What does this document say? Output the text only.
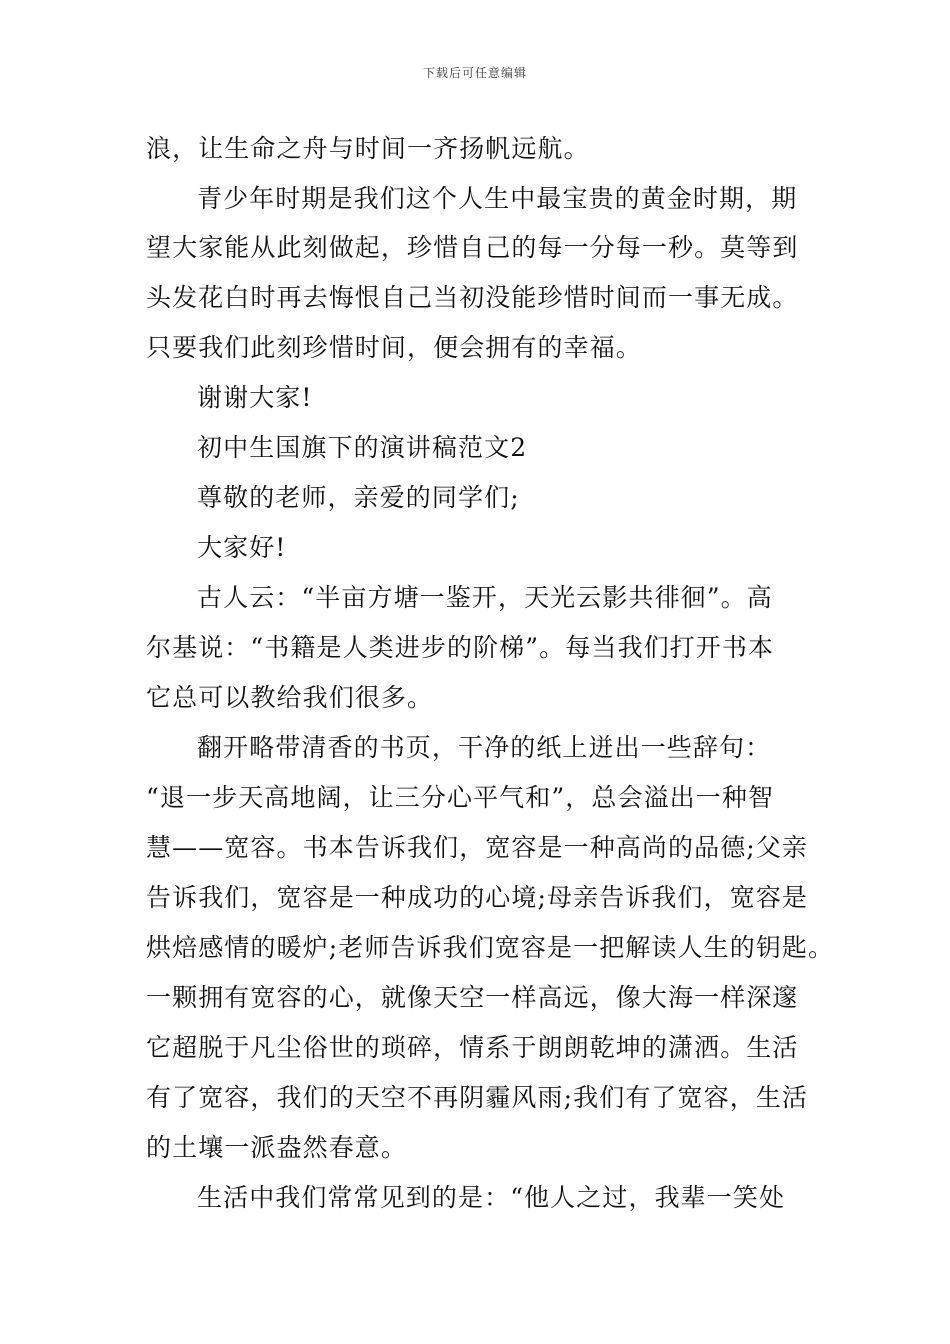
下载后可任意编辑
浪，让生命之舟与时间一齐扬帆远航。
青少年时期是我们这个人生中最宝贵的黄金时期，期
望大家能从此刻做起，珍惜自己的每一分每一秒。莫等到
头发花白时再去悔恨自己当初没能珍惜时间而一事无成。
只要我们此刻珍惜时间，便会拥有的幸福。
谢谢大家!
初中生国旗下的演讲稿范文2
尊敬的老师，亲爱的同学们;
大家好!
古人云：“半亩方塘一鉴开，天光云影共徘徊”。高
尔基说：“书籍是人类进步的阶梯”。每当我们打开书本
它总可以教给我们很多。
翻开略带清香的书页，干净的纸上迸出一些辞句：
“退一步天高地阔，让三分心平气和”，总会溢出一种智
慧——宽容。书本告诉我们，宽容是一种高尚的品德;父亲
告诉我们，宽容是一种成功的心境;母亲告诉我们，宽容是
烘焙感情的暖炉;老师告诉我们宽容是一把解读人生的钥匙。
一颗拥有宽容的心，就像天空一样高远，像大海一样深邃
它超脱于凡尘俗世的琐碎，情系于朗朗乾坤的潇洒。生活
有了宽容，我们的天空不再阴霾风雨;我们有了宽容，生活
的土壤一派盎然春意。
生活中我们常常见到的是：“他人之过，我辈一笑处
